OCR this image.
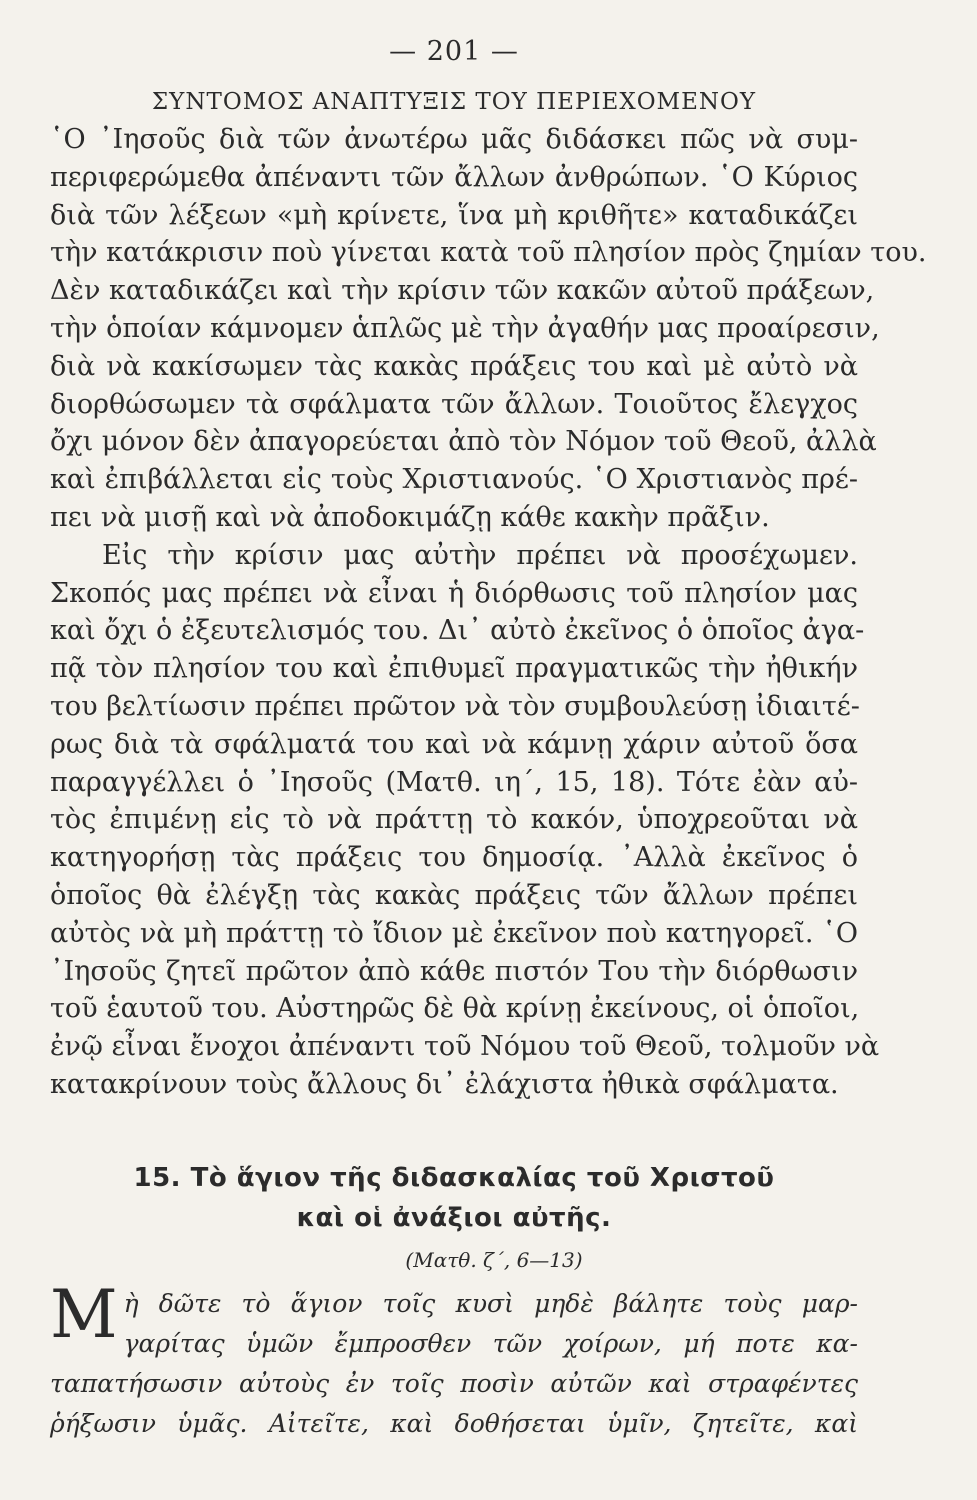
— 201 —
ΣΥΝΤΟΜΟΣ ΑΝΑΠΤΥΞΙΣ ΤΟΥ ΠΕΡΙΕΧΟΜΕΝΟΥ
῾Ο ᾿Ιησοῦς διὰ τῶν ἀνωτέρω μᾶς διδάσκει πῶς νὰ συμ-
περιφερώμεθα ἀπέναντι τῶν ἄλλων ἀνθρώπων. ῾Ο Κύριος
διὰ τῶν λέξεων «μὴ κρίνετε, ἵνα μὴ κριθῆτε» καταδικάζει
τὴν κατάκρισιν ποὺ γίνεται κατὰ τοῦ πλησίον πρὸς ζημίαν του.
Δὲν καταδικάζει καὶ τὴν κρίσιν τῶν κακῶν αὐτοῦ πράξεων,
τὴν ὁποίαν κάμνομεν ἁπλῶς μὲ τὴν ἀγαθήν μας προαίρεσιν,
διὰ νὰ κακίσωμεν τὰς κακὰς πράξεις του καὶ μὲ αὐτὸ νὰ
διορθώσωμεν τὰ σφάλματα τῶν ἄλλων. Τοιοῦτος ἔλεγχος
ὄχι μόνον δὲν ἀπαγορεύεται ἀπὸ τὸν Νόμον τοῦ Θεοῦ, ἀλλὰ
καὶ ἐπιβάλλεται εἰς τοὺς Χριστιανούς. ῾Ο Χριστιανὸς πρέ-
πει νὰ μισῇ καὶ νὰ ἀποδοκιμάζῃ κάθε κακὴν πρᾶξιν.
Εἰς τὴν κρίσιν μας αὐτὴν πρέπει νὰ προσέχωμεν.
Σκοπός μας πρέπει νὰ εἶναι ἡ διόρθωσις τοῦ πλησίον μας
καὶ ὄχι ὁ ἐξευτελισμός του. Δι᾿ αὐτὸ ἐκεῖνος ὁ ὁποῖος ἀγα-
πᾷ τὸν πλησίον του καὶ ἐπιθυμεῖ πραγματικῶς τὴν ἠθικήν
του βελτίωσιν πρέπει πρῶτον νὰ τὸν συμβουλεύσῃ ἰδιαιτέ-
ρως διὰ τὰ σφάλματά του καὶ νὰ κάμνῃ χάριν αὐτοῦ ὅσα
παραγγέλλει ὁ ᾿Ιησοῦς (Ματθ. ιη΄, 15, 18). Τότε ἐὰν αὐ-
τὸς ἐπιμένῃ εἰς τὸ νὰ πράττῃ τὸ κακόν, ὑποχρεοῦται νὰ
κατηγορήσῃ τὰς πράξεις του δημοσίᾳ. ᾿Αλλὰ ἐκεῖνος ὁ
ὁποῖος θὰ ἐλέγξῃ τὰς κακὰς πράξεις τῶν ἄλλων πρέπει
αὐτὸς νὰ μὴ πράττῃ τὸ ἴδιον μὲ ἐκεῖνον ποὺ κατηγορεῖ. ῾Ο
᾿Ιησοῦς ζητεῖ πρῶτον ἀπὸ κάθε πιστόν Του τὴν διόρθωσιν
τοῦ ἑαυτοῦ του. Αὐστηρῶς δὲ θὰ κρίνῃ ἐκείνους, οἱ ὁποῖοι,
ἐνῷ εἶναι ἔνοχοι ἀπέναντι τοῦ Νόμου τοῦ Θεοῦ, τολμοῦν νὰ
κατακρίνουν τοὺς ἄλλους δι᾿ ἐλάχιστα ἠθικὰ σφάλματα.
15. Τὸ ἅγιον τῆς διδασκαλίας τοῦ Χριστοῦ
καὶ οἱ ἀνάξιοι αὐτῆς.
(Ματθ. ζ΄, 6—13)
Μ ὴ δῶτε τὸ ἅγιον τοῖς κυσὶ μηδὲ βάλητε τοὺς μαρ-
γαρίτας ὑμῶν ἔμπροσθεν τῶν χοίρων, μή ποτε κα-
ταπατήσωσιν αὐτοὺς ἐν τοῖς ποσὶν αὐτῶν καὶ στραφέντες
ῥήξωσιν ὑμᾶς. Αἰτεῖτε, καὶ δοθήσεται ὑμῖν, ζητεῖτε, καὶ
